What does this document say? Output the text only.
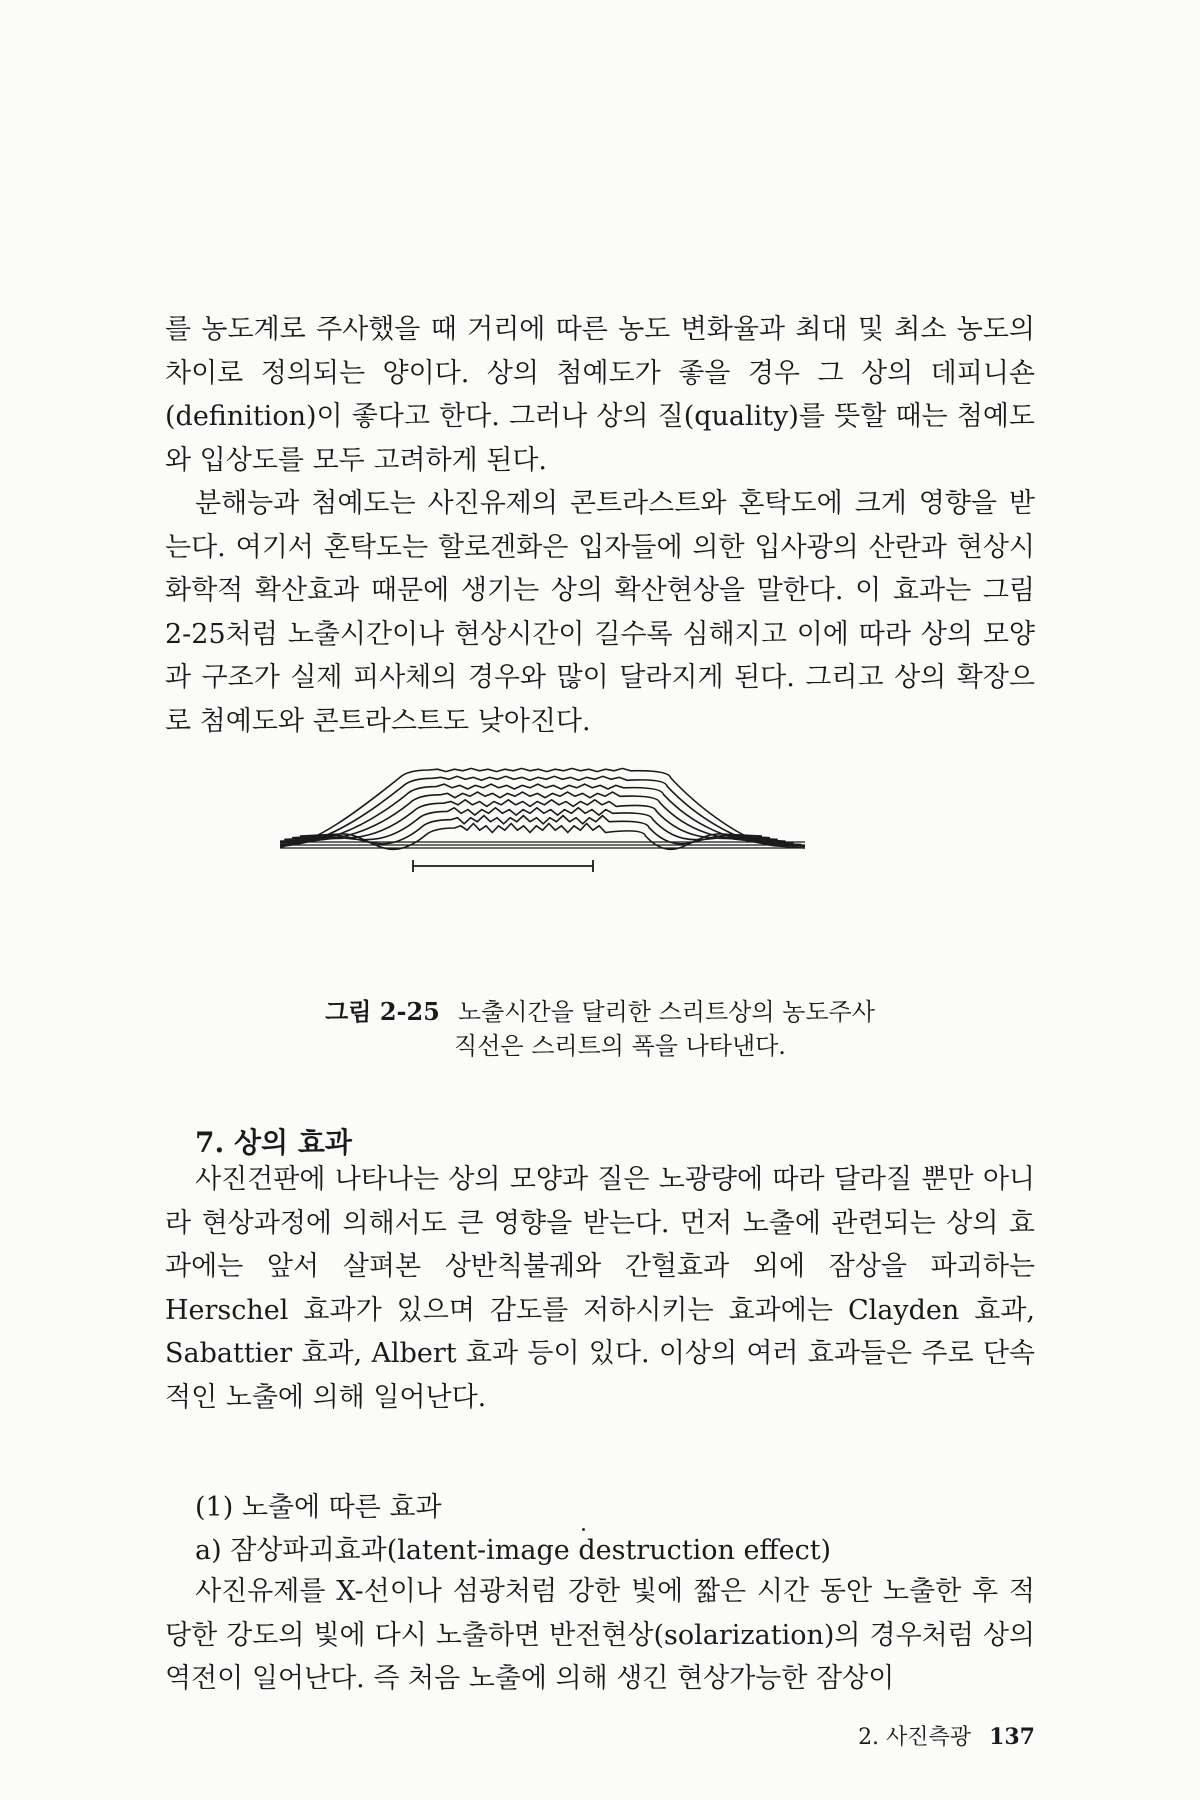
를 농도계로 주사했을 때 거리에 따른 농도 변화율과 최대 및 최소 농도의 차이로 정의되는 양이다. 상의 첨예도가 좋을 경우 그 상의 데피니숀(definition)이 좋다고 한다. 그러나 상의 질(quality)를 뜻할 때는 첨예도와 입상도를 모두 고려하게 된다.

분해능과 첨예도는 사진유제의 콘트라스트와 혼탁도에 크게 영향을 받는다. 여기서 혼탁도는 할로겐화은 입자들에 의한 입사광의 산란과 현상시 화학적 확산효과 때문에 생기는 상의 확산현상을 말한다. 이 효과는 그림 2-25처럼 노출시간이나 현상시간이 길수록 심해지고 이에 따라 상의 모양과 구조가 실제 피사체의 경우와 많이 달라지게 된다. 그리고 상의 확장으로 첨예도와 콘트라스트도 낮아진다.

그림 2-25 노출시간을 달리한 스리트상의 농도주사
직선은 스리트의 폭을 나타낸다.
7. 상의 효과

사진건판에 나타나는 상의 모양과 질은 노광량에 따라 달라질 뿐만 아니라 현상과정에 의해서도 큰 영향을 받는다. 먼저 노출에 관련되는 상의 효과에는 앞서 살펴본 상반칙불궤와 간헐효과 외에 잠상을 파괴하는 Herschel 효과가 있으며 감도를 저하시키는 효과에는 Clayden 효과, Sabattier 효과, Albert 효과 등이 있다. 이상의 여러 효과들은 주로 단속적인 노출에 의해 일어난다.

(1) 노출에 따른 효과
a) 잠상파괴효과(latent-image destruction effect)

사진유제를 X-선이나 섬광처럼 강한 빛에 짧은 시간 동안 노출한 후 적당한 강도의 빛에 다시 노출하면 반전현상(solarization)의 경우처럼 상의 역전이 일어난다. 즉 처음 노출에 의해 생긴 현상가능한 잠상이

2. 사진측광 137
